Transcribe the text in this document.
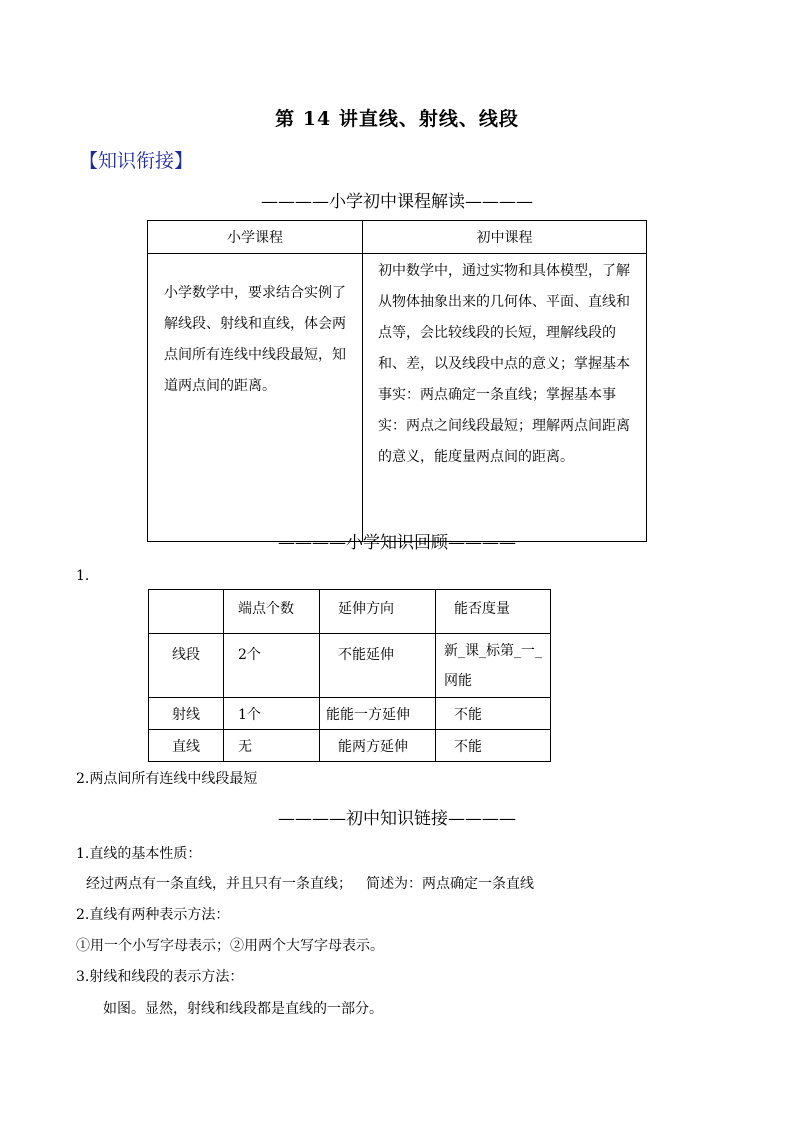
第 14 讲直线、射线、线段
【知识衔接】
————小学初中课程解读————
小学课程	初中课程
小学数学中，要求结合实例了解线段、射线和直线，体会两点间所有连线中线段最短，知道两点间的距离。	初中数学中，通过实物和具体模型，了解从物体抽象出来的几何体、平面、直线和点等，会比较线段的长短，理解线段的和、差，以及线段中点的意义；掌握基本事实：两点确定一条直线；掌握基本事实：两点之间线段最短；理解两点间距离的意义，能度量两点间的距离。
————小学知识回顾————
1.
	端点个数	延伸方向	能否度量
线段	2个	不能延伸	新_课_标第_一_网能
射线	1个	能能一方延伸	不能
直线	无	能两方延伸	不能
2.两点间所有连线中线段最短
————初中知识链接————
1.直线的基本性质：
经过两点有一条直线，并且只有一条直线； 简述为：两点确定一条直线
2.直线有两种表示方法：
①用一个小写字母表示；②用两个大写字母表示。
3.射线和线段的表示方法：
如图。显然，射线和线段都是直线的一部分。
